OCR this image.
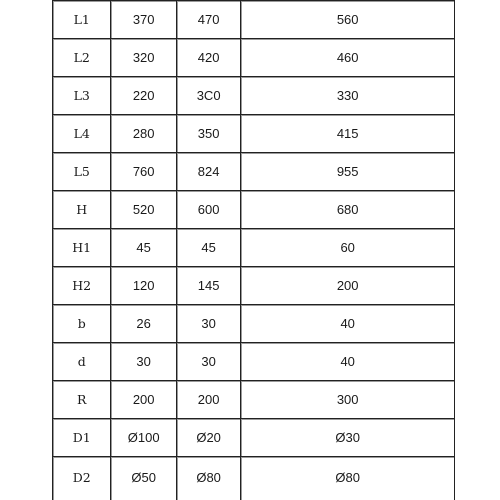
L1	370	470	560
L2	320	420	460
L3	220	3C0	330
L4	280	350	415
L5	760	824	955
H	520	600	680
H1	45	45	60
H2	120	145	200
b	26	30	40
d	30	30	40
R	200	200	300
D1	Ø100	Ø20	Ø30
D2	Ø50	Ø80	Ø80
